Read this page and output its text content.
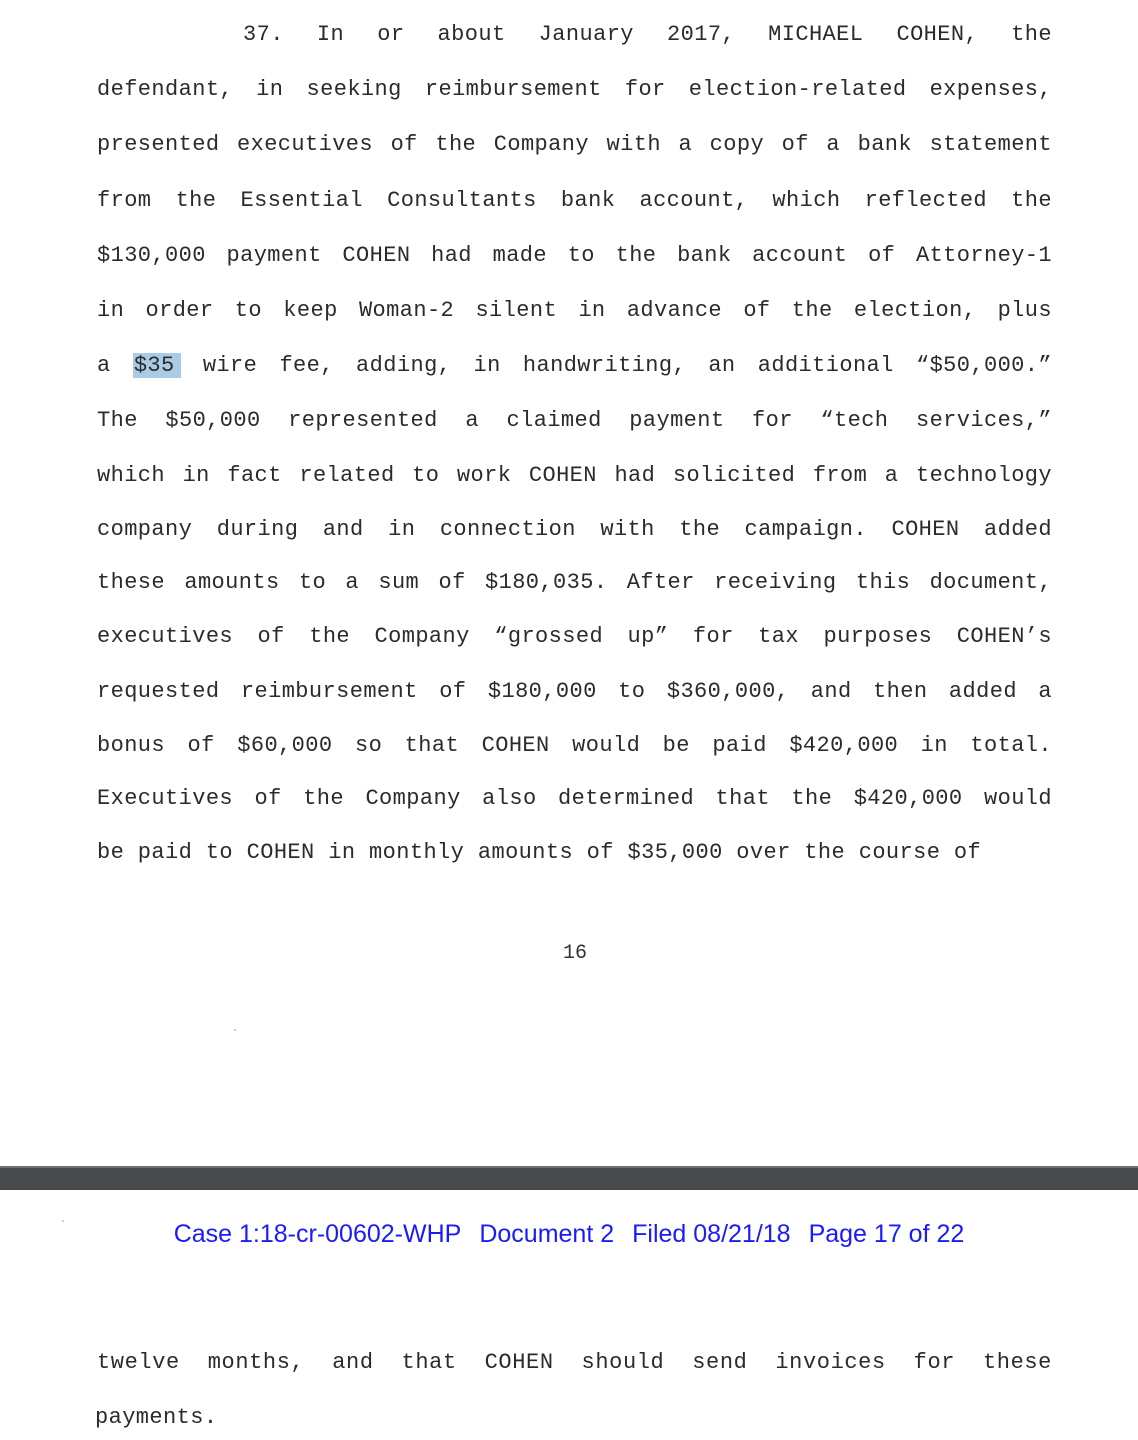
37. In or about January 2017, MICHAEL COHEN, the
defendant, in seeking reimbursement for election-related expenses,
presented executives of the Company with a copy of a bank statement
from the Essential Consultants bank account, which reflected the
$130,000 payment COHEN had made to the bank account of Attorney-1
in order to keep Woman-2 silent in advance of the election, plus
a $35 wire fee, adding, in handwriting, an additional “$50,000.”
The $50,000 represented a claimed payment for “tech services,”
which in fact related to work COHEN had solicited from a technology
company during and in connection with the campaign. COHEN added
these amounts to a sum of $180,035. After receiving this document,
executives of the Company “grossed up” for tax purposes COHEN’s
requested reimbursement of $180,000 to $360,000, and then added a
bonus of $60,000 so that COHEN would be paid $420,000 in total.
Executives of the Company also determined that the $420,000 would
be paid to COHEN in monthly amounts of $35,000 over the course of
16
Case 1:18-cr-00602-WHP Document 2 Filed 08/21/18 Page 17 of 22
twelve months, and that COHEN should send invoices for these
payments.
